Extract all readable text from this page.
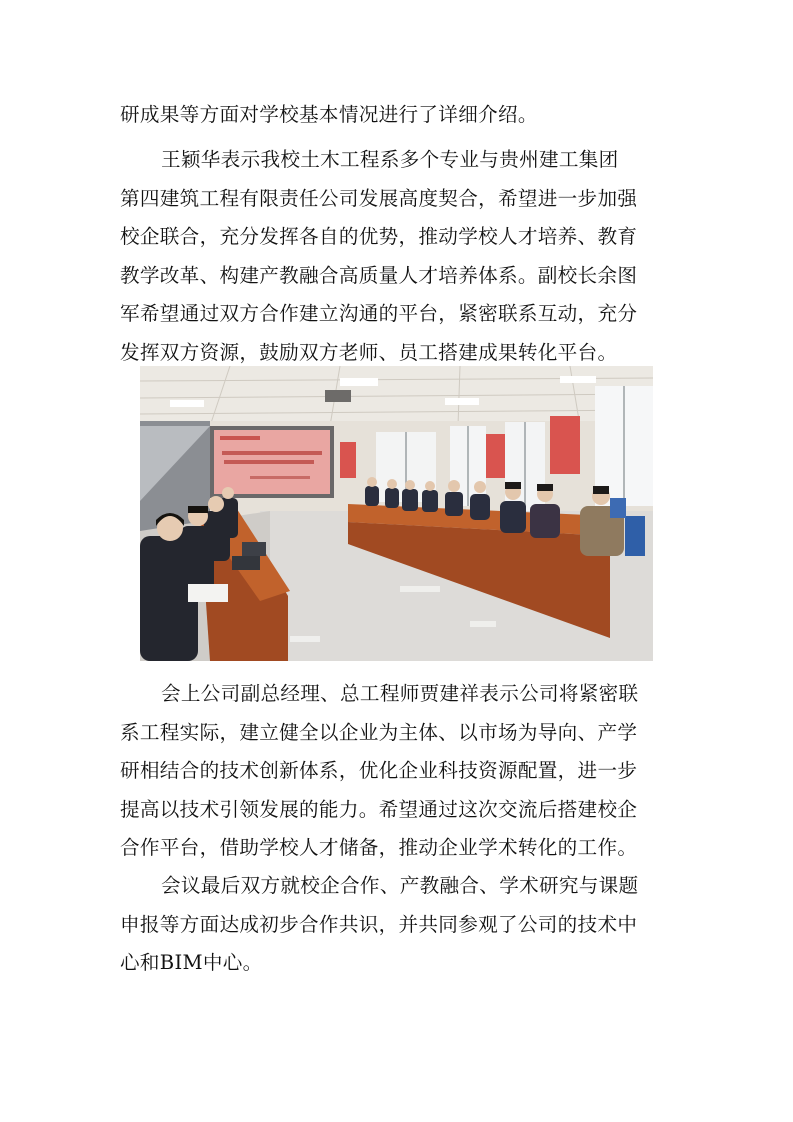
研成果等方面对学校基本情况进行了详细介绍。
王颖华表示我校土木工程系多个专业与贵州建工集团
第四建筑工程有限责任公司发展高度契合，希望进一步加强
校企联合，充分发挥各自的优势，推动学校人才培养、教育
教学改革、构建产教融合高质量人才培养体系。副校长余图
军希望通过双方合作建立沟通的平台，紧密联系互动，充分
发挥双方资源，鼓励双方老师、员工搭建成果转化平台。
会上公司副总经理、总工程师贾建祥表示公司将紧密联
系工程实际，建立健全以企业为主体、以市场为导向、产学
研相结合的技术创新体系，优化企业科技资源配置，进一步
提高以技术引领发展的能力。希望通过这次交流后搭建校企
合作平台，借助学校人才储备，推动企业学术转化的工作。
会议最后双方就校企合作、产教融合、学术研究与课题
申报等方面达成初步合作共识，并共同参观了公司的技术中
心和BIM中心。
